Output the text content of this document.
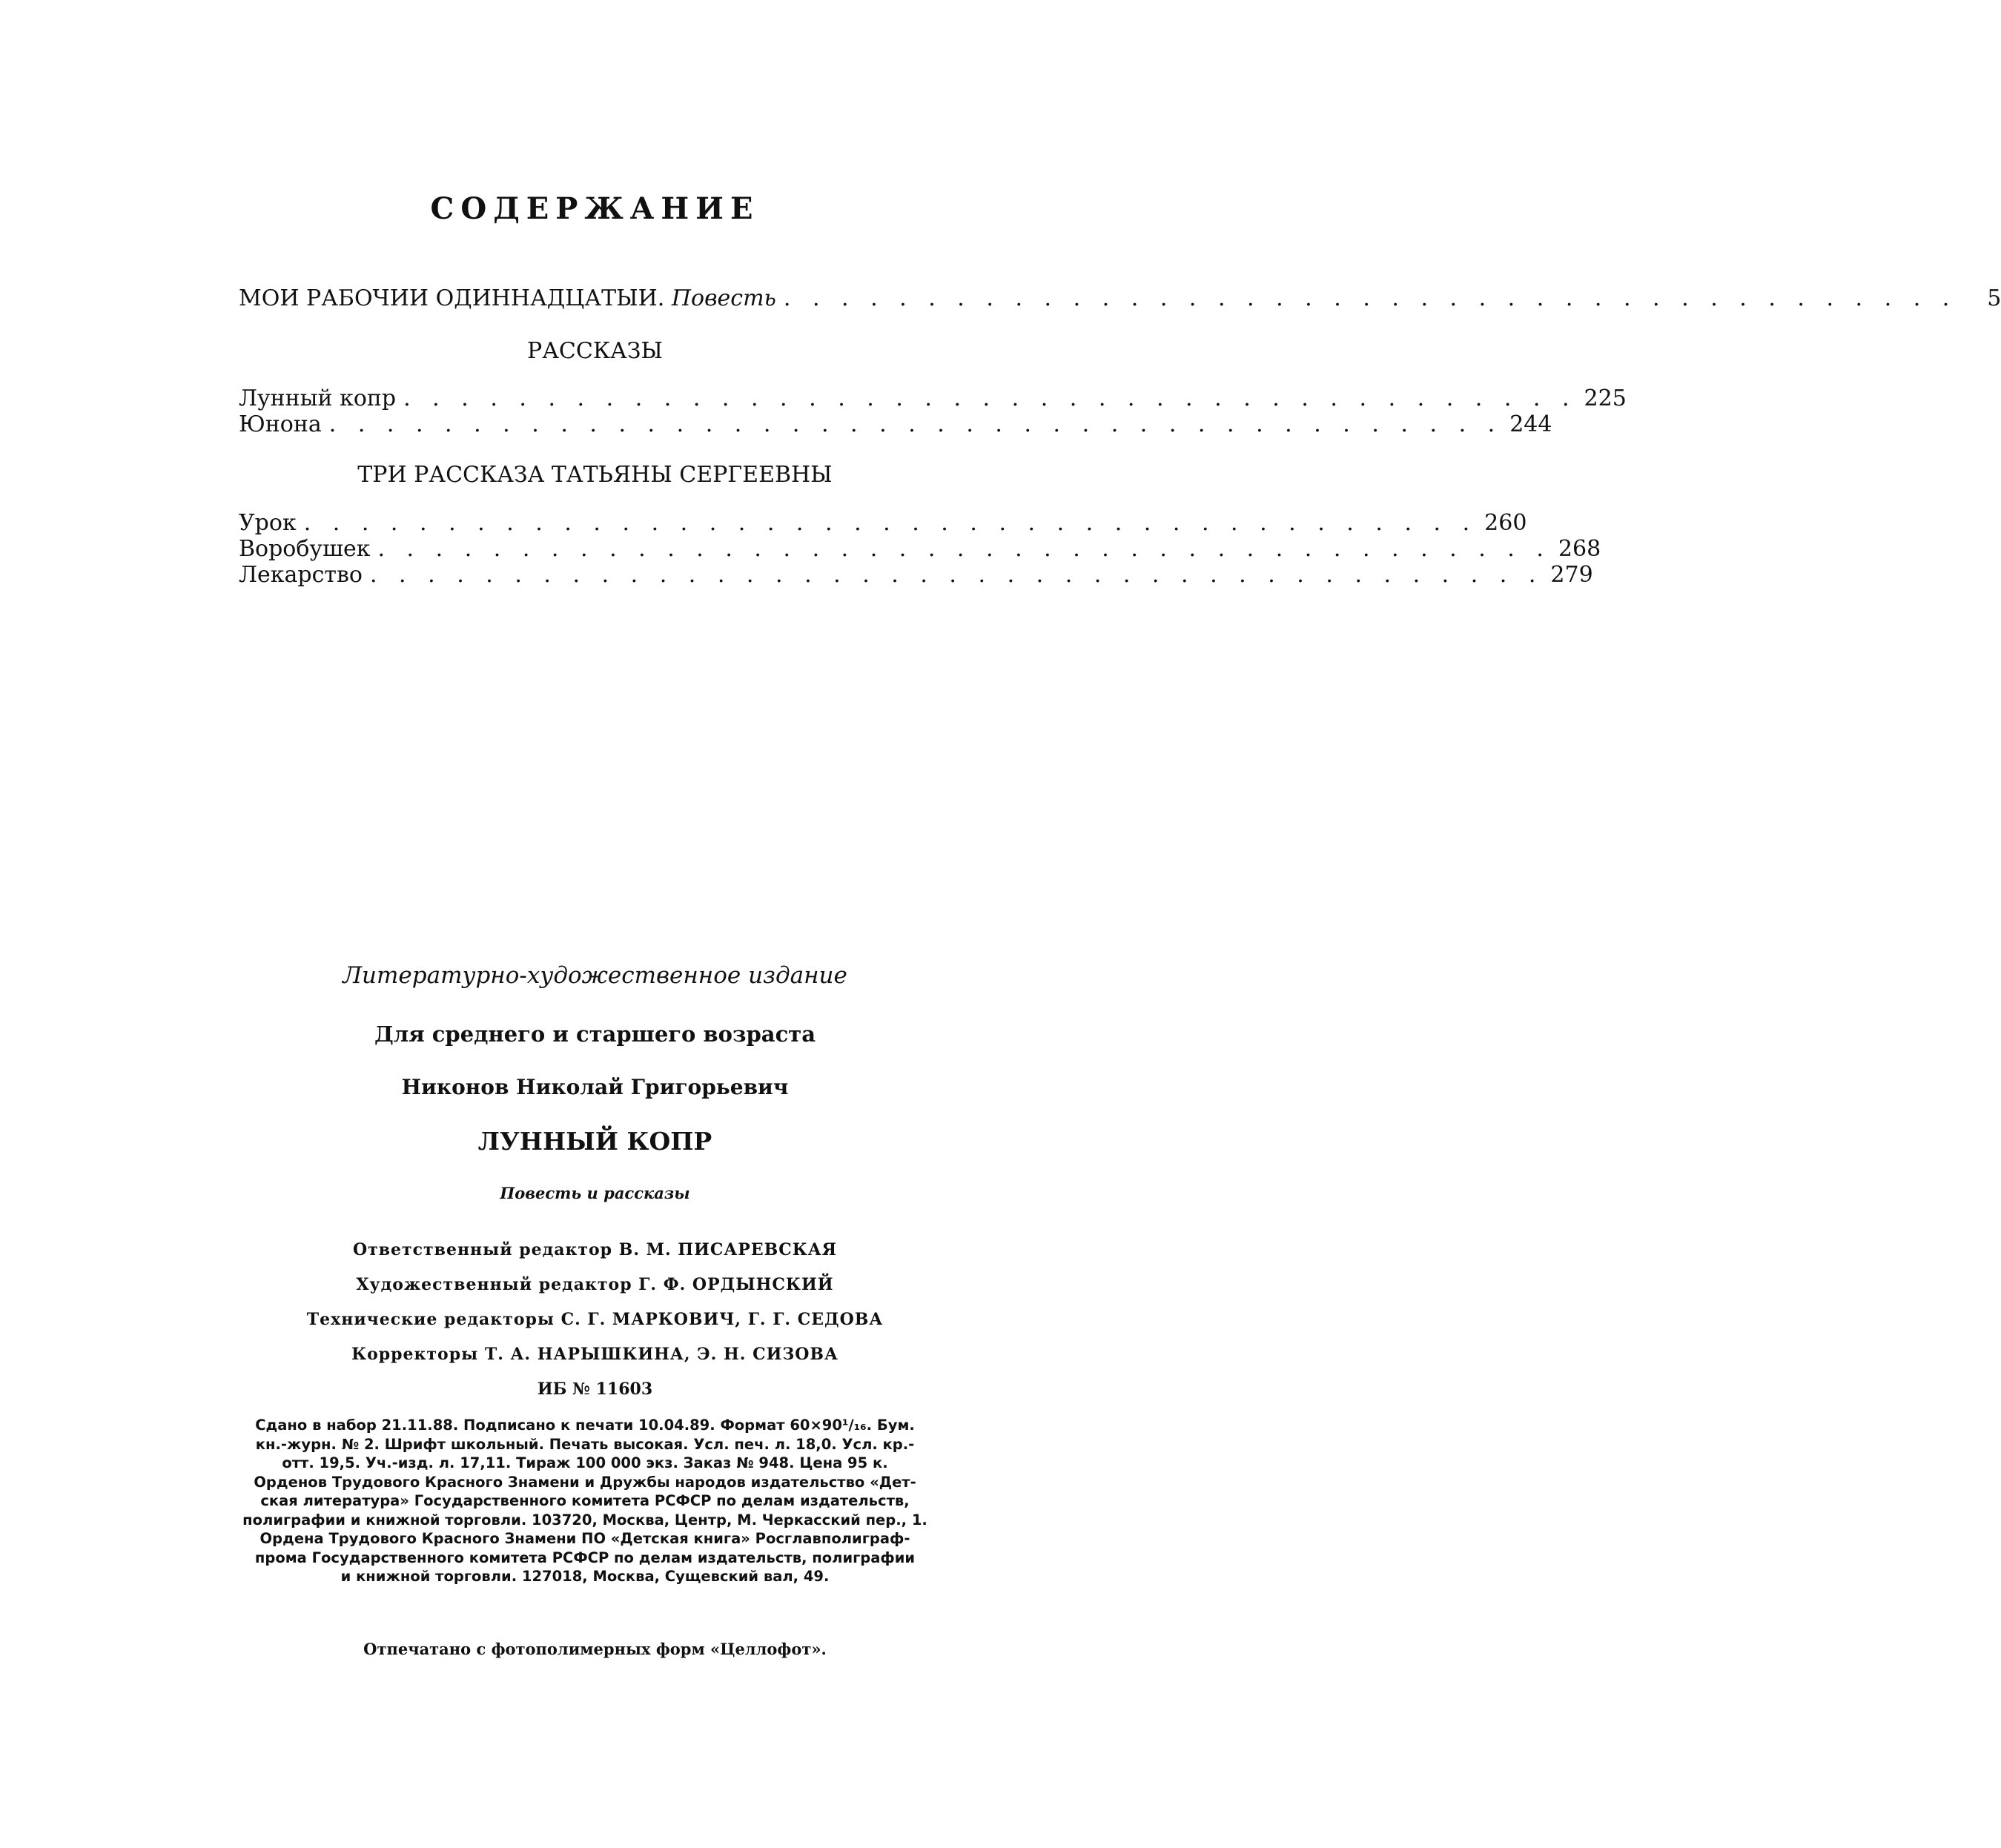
СОДЕРЖАНИЕ
МОИ РАБОЧИИ ОДИННАДЦАТЫИ. Повесть . . . . . . . . . . . . . . . . . . . . . . . . . . . . . . . . . . . . . . . . .	5
РАССКАЗЫ
Лунный копр . . . . . . . . . . . . . . . . . . . . . . . . . . . . . . . . . . . . . . . . . 225
Юнона . . . . . . . . . . . . . . . . . . . . . . . . . . . . . . . . . . . . . . . . . 244
ТРИ РАССКАЗА ТАТЬЯНЫ СЕРГЕЕВНЫ
Урок . . . . . . . . . . . . . . . . . . . . . . . . . . . . . . . . . . . . . . . . . 260
Воробушек . . . . . . . . . . . . . . . . . . . . . . . . . . . . . . . . . . . . . . . . . 268
Лекарство . . . . . . . . . . . . . . . . . . . . . . . . . . . . . . . . . . . . . . . . . 279
Литературно-художественное издание
Для среднего и старшего возраста
Никонов Николай Григорьевич
ЛУННЫЙ КОПР
Повесть и рассказы
Ответственный редактор В. М. ПИСАРЕВСКАЯ
Художественный редактор Г. Ф. ОРДЫНСКИЙ
Технические редакторы С. Г. МАРКОВИЧ, Г. Г. СЕДОВА
Корректоры Т. А. НАРЫШКИНА, Э. Н. СИЗОВА
ИБ № 11603

Сдано в набор 21.11.88. Подписано к печати 10.04.89. Формат 60×90¹/₁₆. Бум.
кн.-журн. № 2. Шрифт школьный. Печать высокая. Усл. печ. л. 18,0. Усл. кр.-
отт. 19,5. Уч.-изд. л. 17,11. Тираж 100 000 экз. Заказ № 948. Цена 95 к.
Орденов Трудового Красного Знамени и Дружбы народов издательство «Дет-
ская литература» Государственного комитета РСФСР по делам издательств,
полиграфии и книжной торговли. 103720, Москва, Центр, М. Черкасский пер., 1.
Ордена Трудового Красного Знамени ПО «Детская книга» Росглавполиграф-
прома Государственного комитета РСФСР по делам издательств, полиграфии
и книжной торговли. 127018, Москва, Сущевский вал, 49.

Отпечатано с фотополимерных форм «Целлофот».
